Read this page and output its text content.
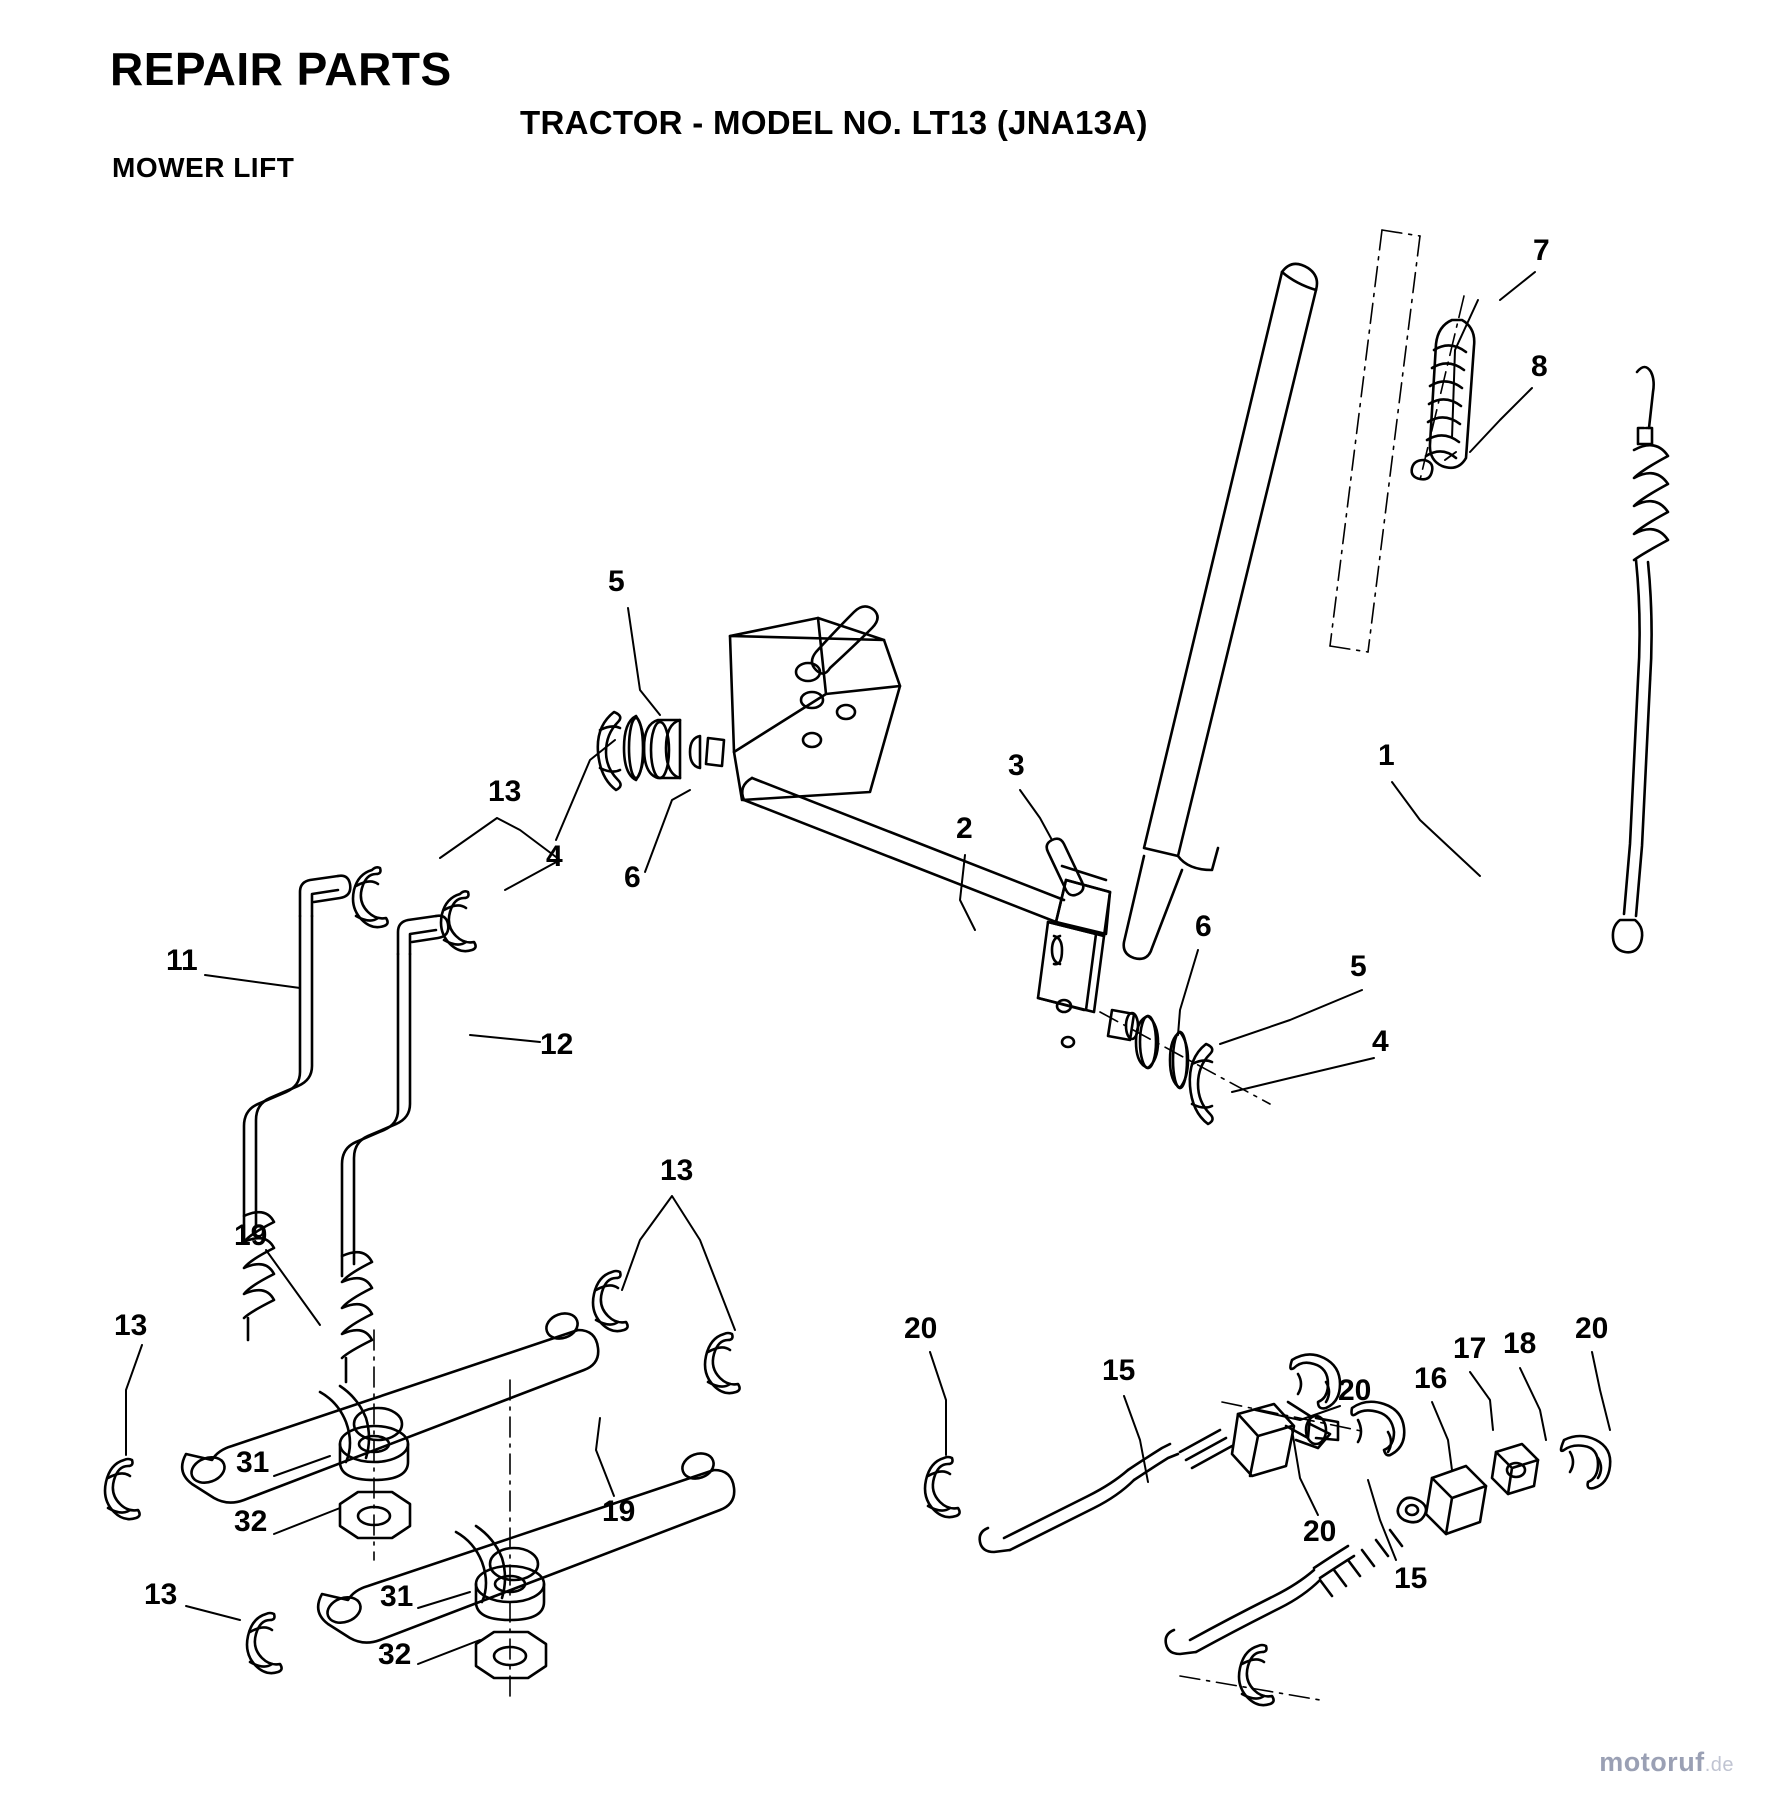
REPAIR PARTS
TRACTOR - MODEL NO. LT13 (JNA13A)
MOWER LIFT
7
8
5
3	1
13
4
2
6
6
5
11
12	4
13
19
13	20
15
17 18 20
16
20
31
19
32	20
15
13	31
32
motoruf.de
